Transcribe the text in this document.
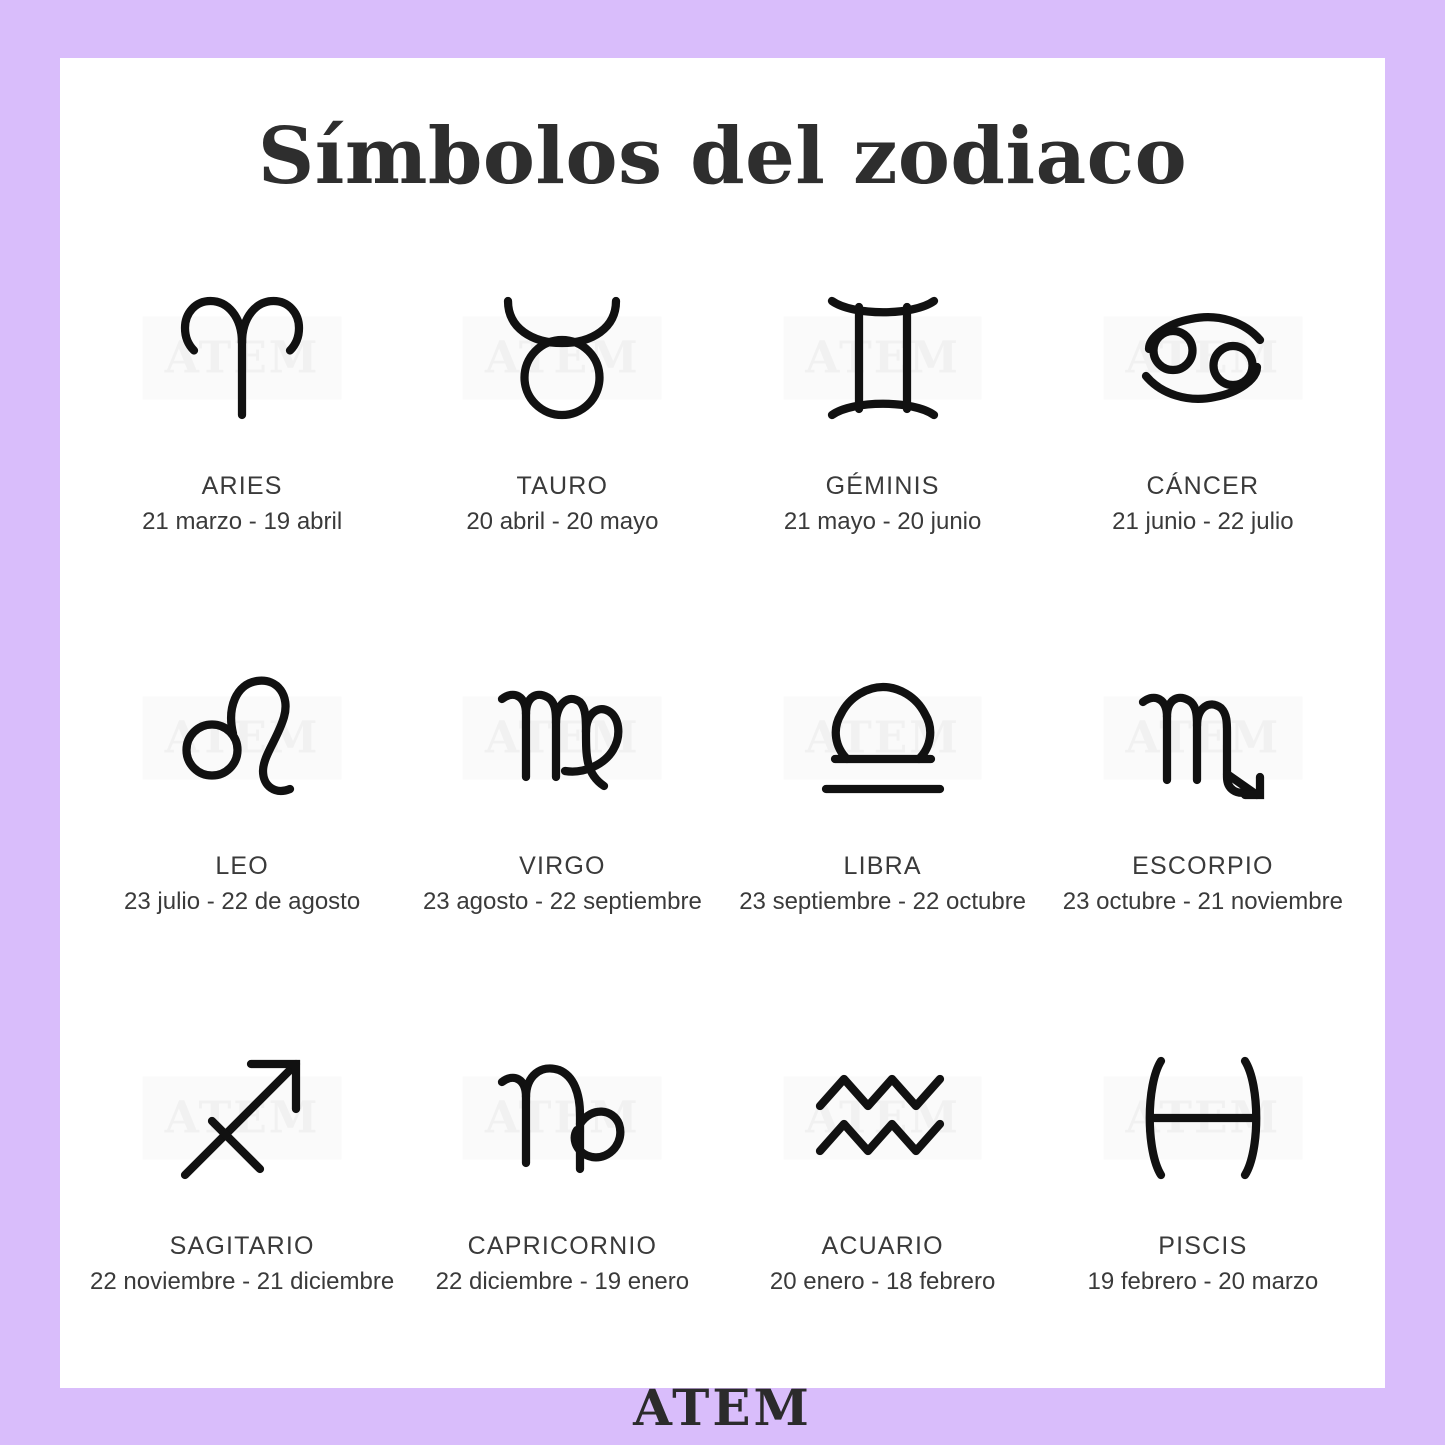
Símbolos del zodiaco
ATEM
ARIES
21 marzo - 19 abril
ATEM
TAURO
20 abril - 20 mayo
ATEM
GÉMINIS
21 mayo - 20 junio
ATEM
CÁNCER
21 junio - 22 julio
ATEM
LEO
23 julio - 22 de agosto
ATEM
VIRGO
23 agosto - 22 septiembre
ATEM
LIBRA
23 septiembre - 22 octubre
ATEM
ESCORPIO
23 octubre - 21 noviembre
ATEM
SAGITARIO
22 noviembre - 21 diciembre
ATEM
CAPRICORNIO
22 diciembre - 19 enero
ATEM
ACUARIO
20 enero - 18 febrero
ATEM
PISCIS
19 febrero - 20 marzo
ATEM
